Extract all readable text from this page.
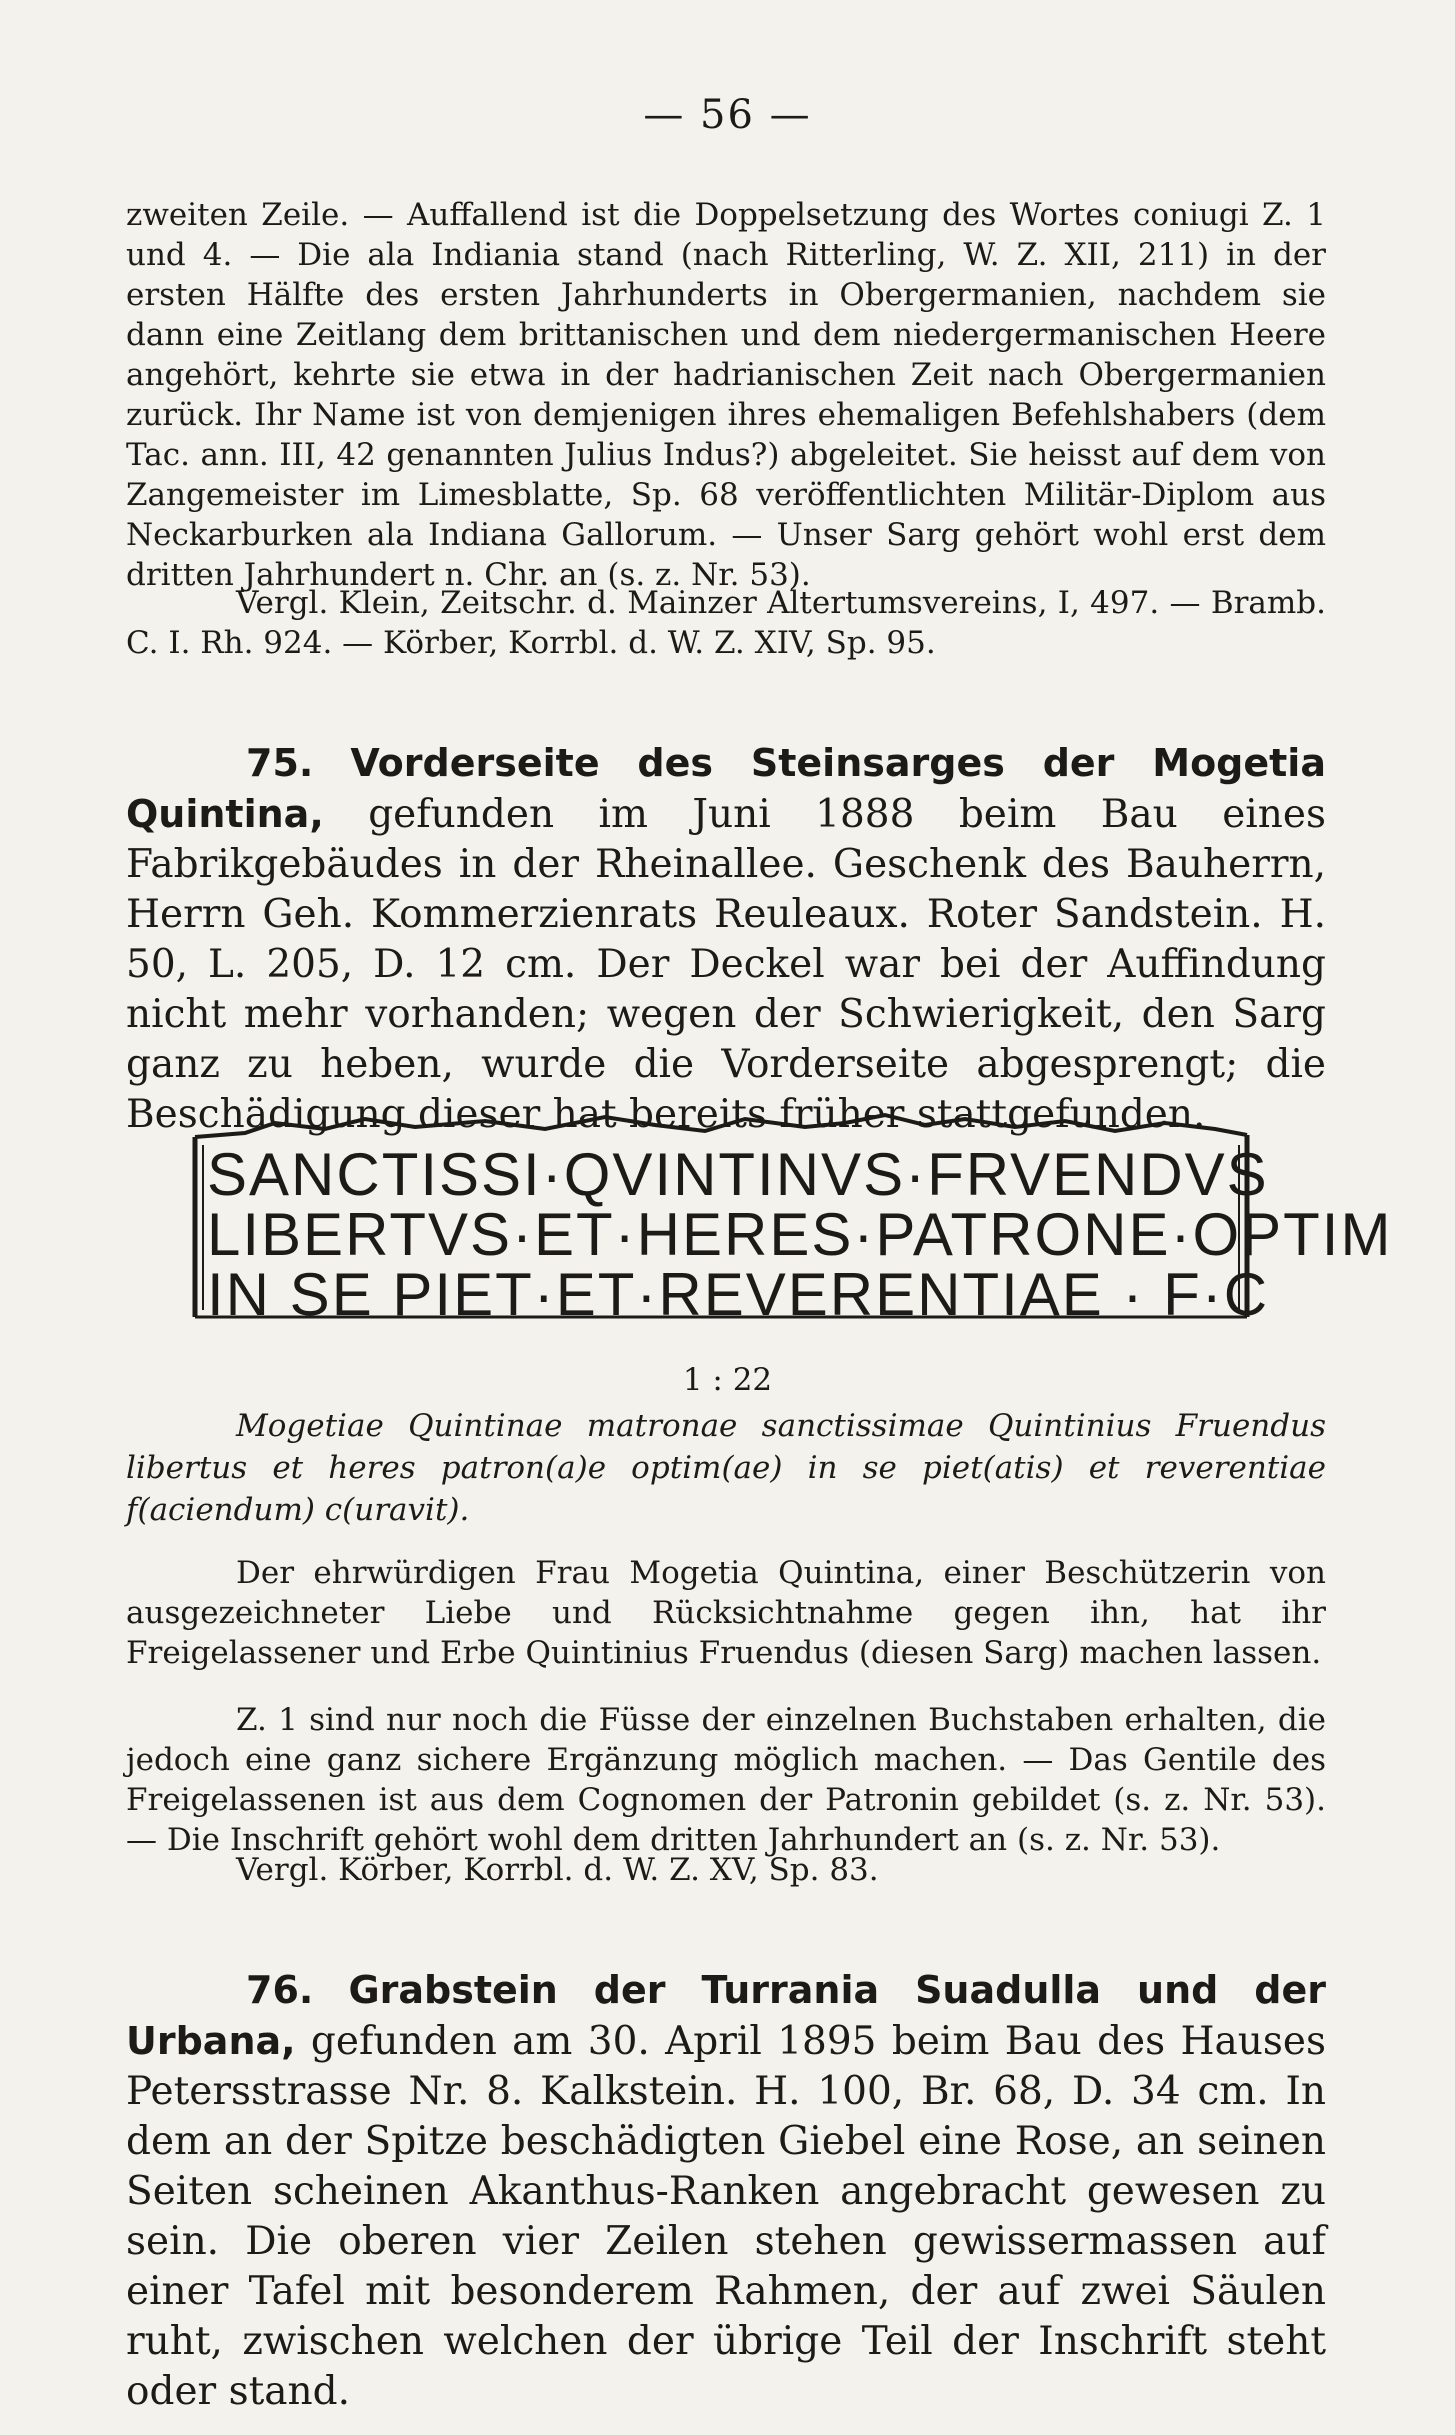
— 56 —

zweiten Zeile. — Auffallend ist die Doppelsetzung des Wortes coniugi Z. 1 und 4. — Die ala Indiania stand (nach Ritterling, W. Z. XII, 211) in der ersten Hälfte des ersten Jahrhunderts in Obergermanien, nachdem sie dann eine Zeitlang dem brittanischen und dem niedergermanischen Heere angehört, kehrte sie etwa in der hadrianischen Zeit nach Obergermanien zurück. Ihr Name ist von demjenigen ihres ehemaligen Befehlshabers (dem Tac. ann. III, 42 genannten Julius Indus?) abgeleitet. Sie heisst auf dem von Zangemeister im Limesblatte, Sp. 68 veröffentlichten Militär-Diplom aus Neckarburken ala Indiana Gallorum. — Unser Sarg gehört wohl erst dem dritten Jahrhundert n. Chr. an (s. z. Nr. 53).

Vergl. Klein, Zeitschr. d. Mainzer Altertumsvereins, I, 497. — Bramb. C. I. Rh. 924. — Körber, Korrbl. d. W. Z. XIV, Sp. 95.

75. Vorderseite des Steinsarges der Mogetia Quintina, gefunden im Juni 1888 beim Bau eines Fabrikgebäudes in der Rheinallee. Geschenk des Bauherrn, Herrn Geh. Kommerzienrats Reuleaux. Roter Sandstein. H. 50, L. 205, D. 12 cm. Der Deckel war bei der Auffindung nicht mehr vorhanden; wegen der Schwierigkeit, den Sarg ganz zu heben, wurde die Vorderseite abgesprengt; die Beschädigung dieser hat bereits früher stattgefunden.

SANCTISSI·QVINTINVS·FRVENDVS
LIBERTVS·ET·HERES·PATRONE·OPTIM
IN SE PIET·ET·REVERENTIAE · F·C
1 : 22

Mogetiae Quintinae matronae sanctissimae Quintinius Fruendus libertus et heres patron(a)e optim(ae) in se piet(atis) et reverentiae f(aciendum) c(uravit).

Der ehrwürdigen Frau Mogetia Quintina, einer Beschützerin von ausgezeichneter Liebe und Rücksichtnahme gegen ihn, hat ihr Freigelassener und Erbe Quintinius Fruendus (diesen Sarg) machen lassen.

Z. 1 sind nur noch die Füsse der einzelnen Buchstaben erhalten, die jedoch eine ganz sichere Ergänzung möglich machen. — Das Gentile des Freigelassenen ist aus dem Cognomen der Patronin gebildet (s. z. Nr. 53). — Die Inschrift gehört wohl dem dritten Jahrhundert an (s. z. Nr. 53).

Vergl. Körber, Korrbl. d. W. Z. XV, Sp. 83.

76. Grabstein der Turrania Suadulla und der Urbana, gefunden am 30. April 1895 beim Bau des Hauses Petersstrasse Nr. 8. Kalkstein. H. 100, Br. 68, D. 34 cm. In dem an der Spitze beschädigten Giebel eine Rose, an seinen Seiten scheinen Akanthus-Ranken angebracht gewesen zu sein. Die oberen vier Zeilen stehen gewissermassen auf einer Tafel mit besonderem Rahmen, der auf zwei Säulen ruht, zwischen welchen der übrige Teil der Inschrift steht oder stand.
